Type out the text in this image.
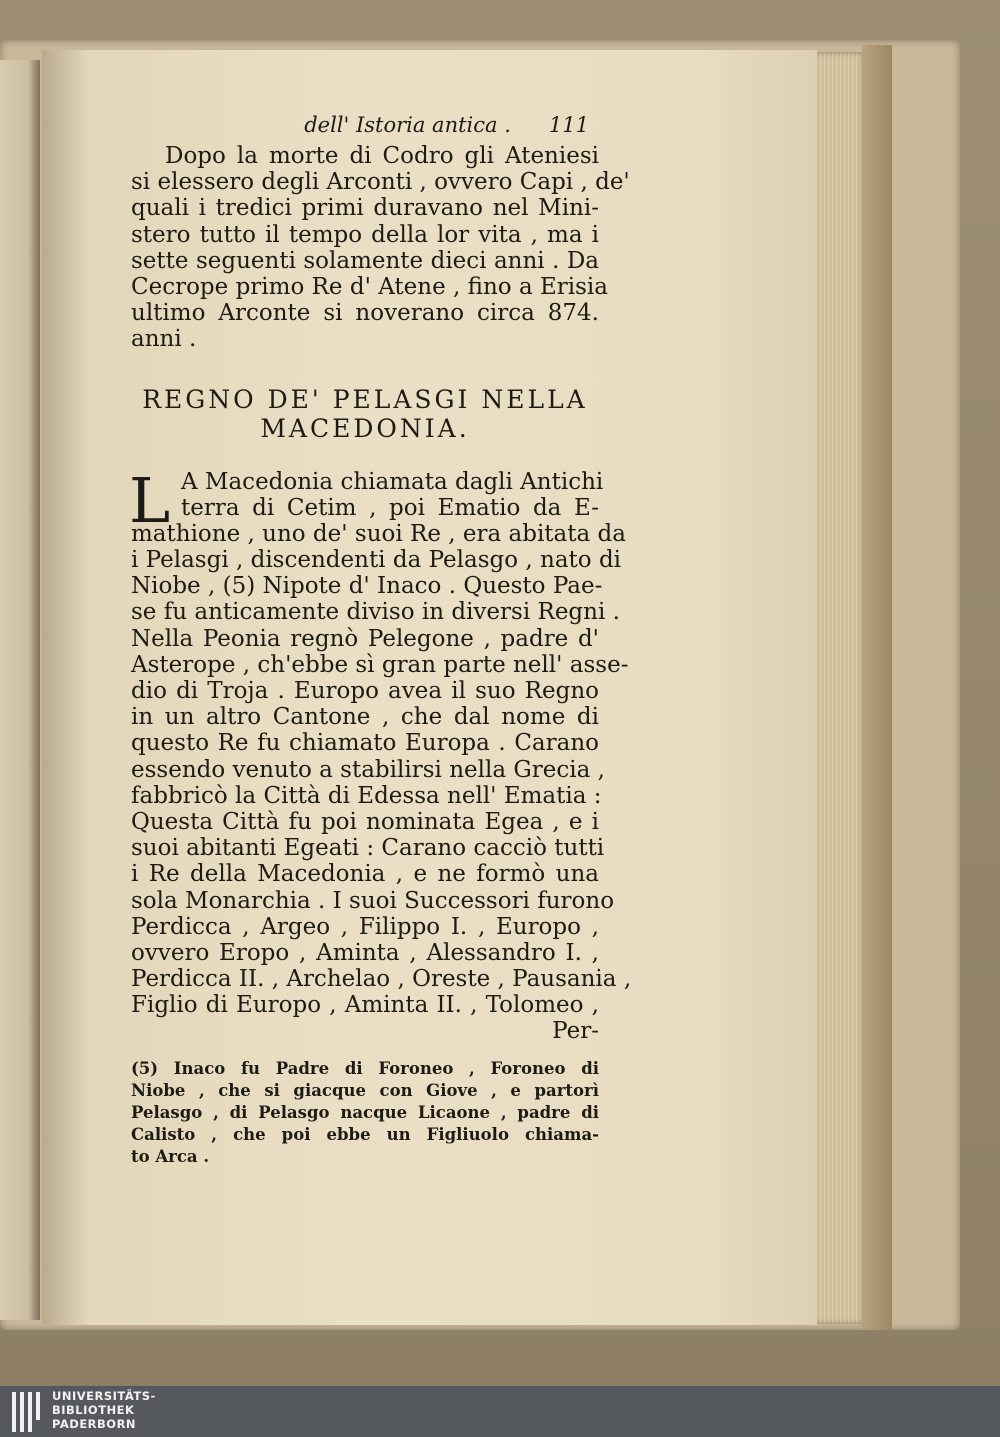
dell' Istoria antica . 111
Dopo la morte di Codro gli Ateniesi
si elessero degli Arconti , ovvero Capi , de'
quali i tredici primi duravano nel Mini-
stero tutto il tempo della lor vita , ma i
sette seguenti solamente dieci anni . Da
Cecrope primo Re d' Atene , fino a Erisia
ultimo Arconte si noverano circa 874.
anni .
REGNO DE' PELASGI NELLA
MACEDONIA.
L A Macedonia chiamata dagli Antichi
terra di Cetim , poi Ematio da E-
mathione , uno de' suoi Re , era abitata da
i Pelasgi , discendenti da Pelasgo , nato di
Niobe , (5) Nipote d' Inaco . Questo Pae-
se fu anticamente diviso in diversi Regni .
Nella Peonia regnò Pelegone , padre d'
Asterope , ch'ebbe sì gran parte nell' asse-
dio di Troja . Europo avea il suo Regno
in un altro Cantone , che dal nome di
questo Re fu chiamato Europa . Carano
essendo venuto a stabilirsi nella Grecia ,
fabbricò la Città di Edessa nell' Ematia :
Questa Città fu poi nominata Egea , e i
suoi abitanti Egeati : Carano cacciò tutti
i Re della Macedonia , e ne formò una
sola Monarchia . I suoi Successori furono
Perdicca , Argeo , Filippo I. , Europo ,
ovvero Eropo , Aminta , Alessandro I. ,
Perdicca II. , Archelao , Oreste , Pausania ,
Figlio di Europo , Aminta II. , Tolomeo ,
Per-
(5) Inaco fu Padre di Foroneo , Foroneo di
Niobe , che si giacque con Giove , e partorì
Pelasgo , di Pelasgo nacque Licaone , padre di
Calisto , che poi ebbe un Figliuolo chiama-
to Arca .
UNIVERSITÄTS-
BIBLIOTHEK
PADERBORN
